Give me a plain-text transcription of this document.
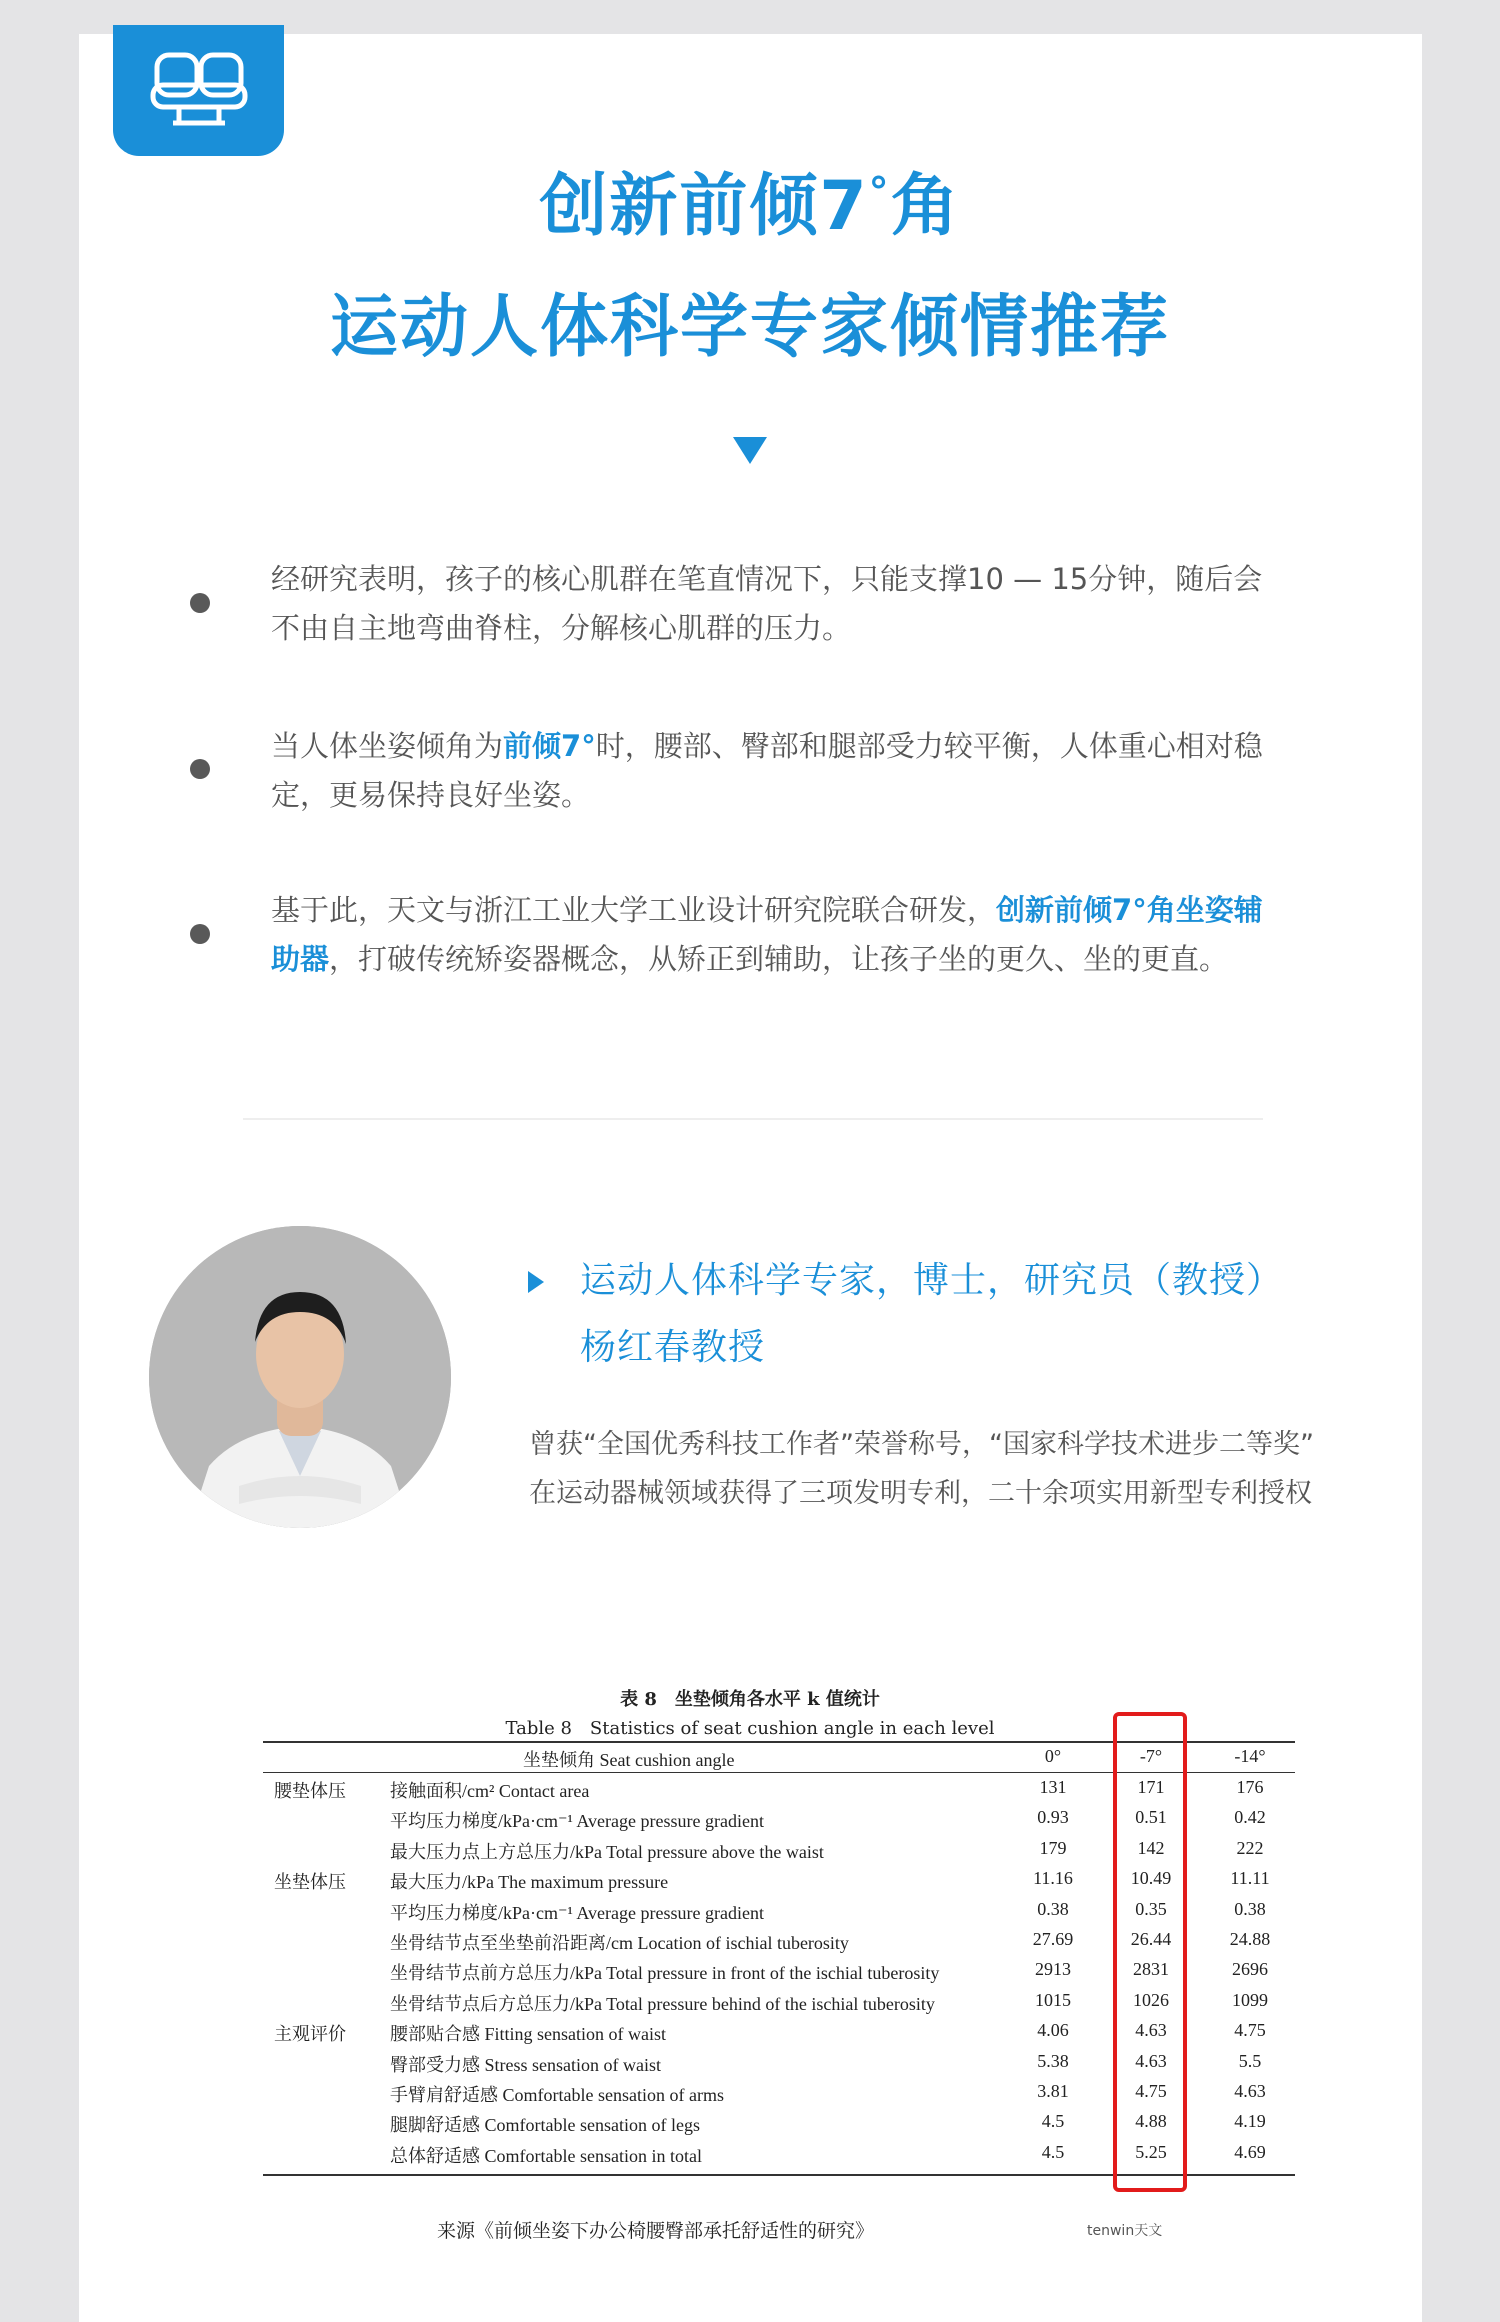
创新前倾7°角
运动人体科学专家倾情推荐
经研究表明，孩子的核心肌群在笔直情况下，只能支撑10 — 15分钟，随后会不由自主地弯曲脊柱，分解核心肌群的压力。
当人体坐姿倾角为前倾7°时，腰部、臀部和腿部受力较平衡，人体重心相对稳定，更易保持良好坐姿。
基于此，天文与浙江工业大学工业设计研究院联合研发，创新前倾7°角坐姿辅助器，打破传统矫姿器概念，从矫正到辅助，让孩子坐的更久、坐的更直。
运动人体科学专家，博士，研究员（教授）
杨红春教授
曾获“全国优秀科技工作者”荣誉称号，“国家科学技术进步二等奖”
在运动器械领域获得了三项发明专利，二十余项实用新型专利授权
表 8　坐垫倾角各水平 k 值统计
Table 8　Statistics of seat cushion angle in each level
坐垫倾角 Seat cushion angle	0°	-7°	-14°
腰垫体压 接触面积/cm² Contact area	131	171	176
平均压力梯度/kPa·cm⁻¹ Average pressure gradient	0.93	0.51	0.42
最大压力点上方总压力/kPa Total pressure above the waist	179	142	222
坐垫体压 最大压力/kPa The maximum pressure	11.16	10.49	11.11
平均压力梯度/kPa·cm⁻¹ Average pressure gradient	0.38	0.35	0.38
坐骨结节点至坐垫前沿距离/cm Location of ischial tuberosity	27.69	26.44	24.88
坐骨结节点前方总压力/kPa Total pressure in front of the ischial tuberosity	2913	2831	2696
坐骨结节点后方总压力/kPa Total pressure behind of the ischial tuberosity	1015	1026	1099
主观评价 腰部贴合感 Fitting sensation of waist	4.06	4.63	4.75
臀部受力感 Stress sensation of waist	5.38	4.63	5.5
手臂肩舒适感 Comfortable sensation of arms	3.81	4.75	4.63
腿脚舒适感 Comfortable sensation of legs	4.5	4.88	4.19
总体舒适感 Comfortable sensation in total	4.5	5.25	4.69
来源《前倾坐姿下办公椅腰臀部承托舒适性的研究》	tenwin天文
